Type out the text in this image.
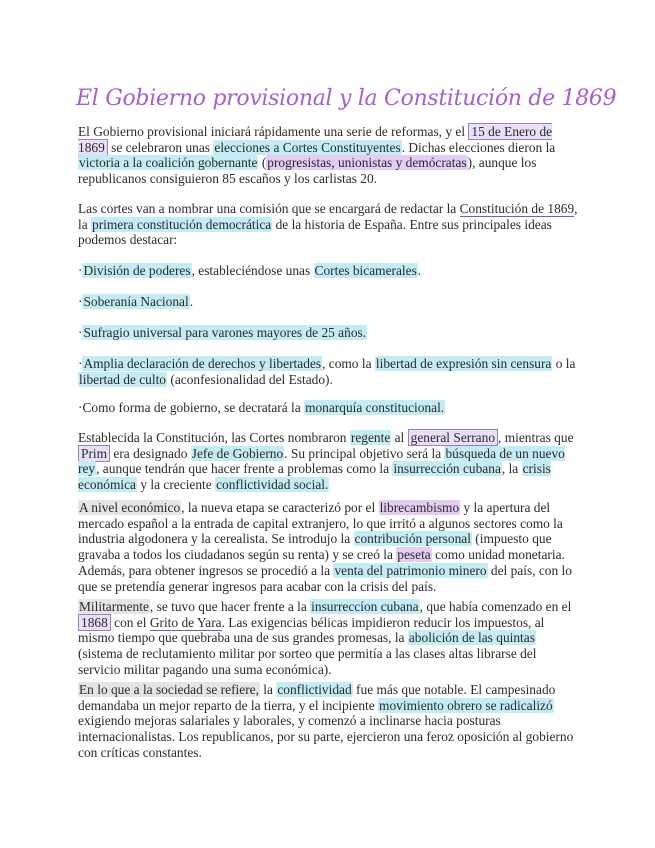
El Gobierno provisional y la Constitución de 1869

El Gobierno provisional iniciará rápidamente una serie de reformas, y el 15 de Enero de 1869 se celebraron unas elecciones a Cortes Constituyentes. Dichas elecciones dieron la victoria a la coalición gobernante (progresistas, unionistas y demócratas), aunque los republicanos consiguieron 85 escaños y los carlistas 20.

Las cortes van a nombrar una comisión que se encargará de redactar la Constitución de 1869, la primera constitución democrática de la historia de España. Entre sus principales ideas podemos destacar:

·División de poderes, estableciéndose unas Cortes bicamerales.

·Soberanía Nacional.

·Sufragio universal para varones mayores de 25 años.

·Amplia declaración de derechos y libertades, como la libertad de expresión sin censura o la libertad de culto (aconfesionalidad del Estado).

·Como forma de gobierno, se decratará la monarquía constitucional.

Establecida la Constitución, las Cortes nombraron regente al general Serrano , mientras que Prim era designado Jefe de Gobierno. Su principal objetivo será la búsqueda de un nuevo rey, aunque tendrán que hacer frente a problemas como la insurrección cubana, la crisis económica y la creciente conflictividad social.

A nivel económico, la nueva etapa se caracterizó por el librecambismo y la apertura del mercado español a la entrada de capital extranjero, lo que irritó a algunos sectores como la industria algodonera y la cerealista. Se introdujo la contribución personal (impuesto que gravaba a todos los ciudadanos según su renta) y se creó la peseta como unidad monetaria. Además, para obtener ingresos se procedió a la venta del patrimonio minero del país, con lo que se pretendía generar ingresos para acabar con la crisis del país.

Militarmente, se tuvo que hacer frente a la insurreccíon cubana, que había comenzado en el 1868 con el Grito de Yara. Las exigencias bélicas impidieron reducir los impuestos, al mismo tiempo que quebraba una de sus grandes promesas, la abolición de las quintas (sistema de reclutamiento militar por sorteo que permitía a las clases altas librarse del servicio militar pagando una suma económica).

En lo que a la sociedad se refiere, la conflictividad fue más que notable. El campesinado demandaba un mejor reparto de la tierra, y el incipiente movimiento obrero se radicalizó exigiendo mejoras salariales y laborales, y comenzó a inclinarse hacia posturas internacionalistas. Los republicanos, por su parte, ejercieron una feroz oposición al gobierno con críticas constantes.
